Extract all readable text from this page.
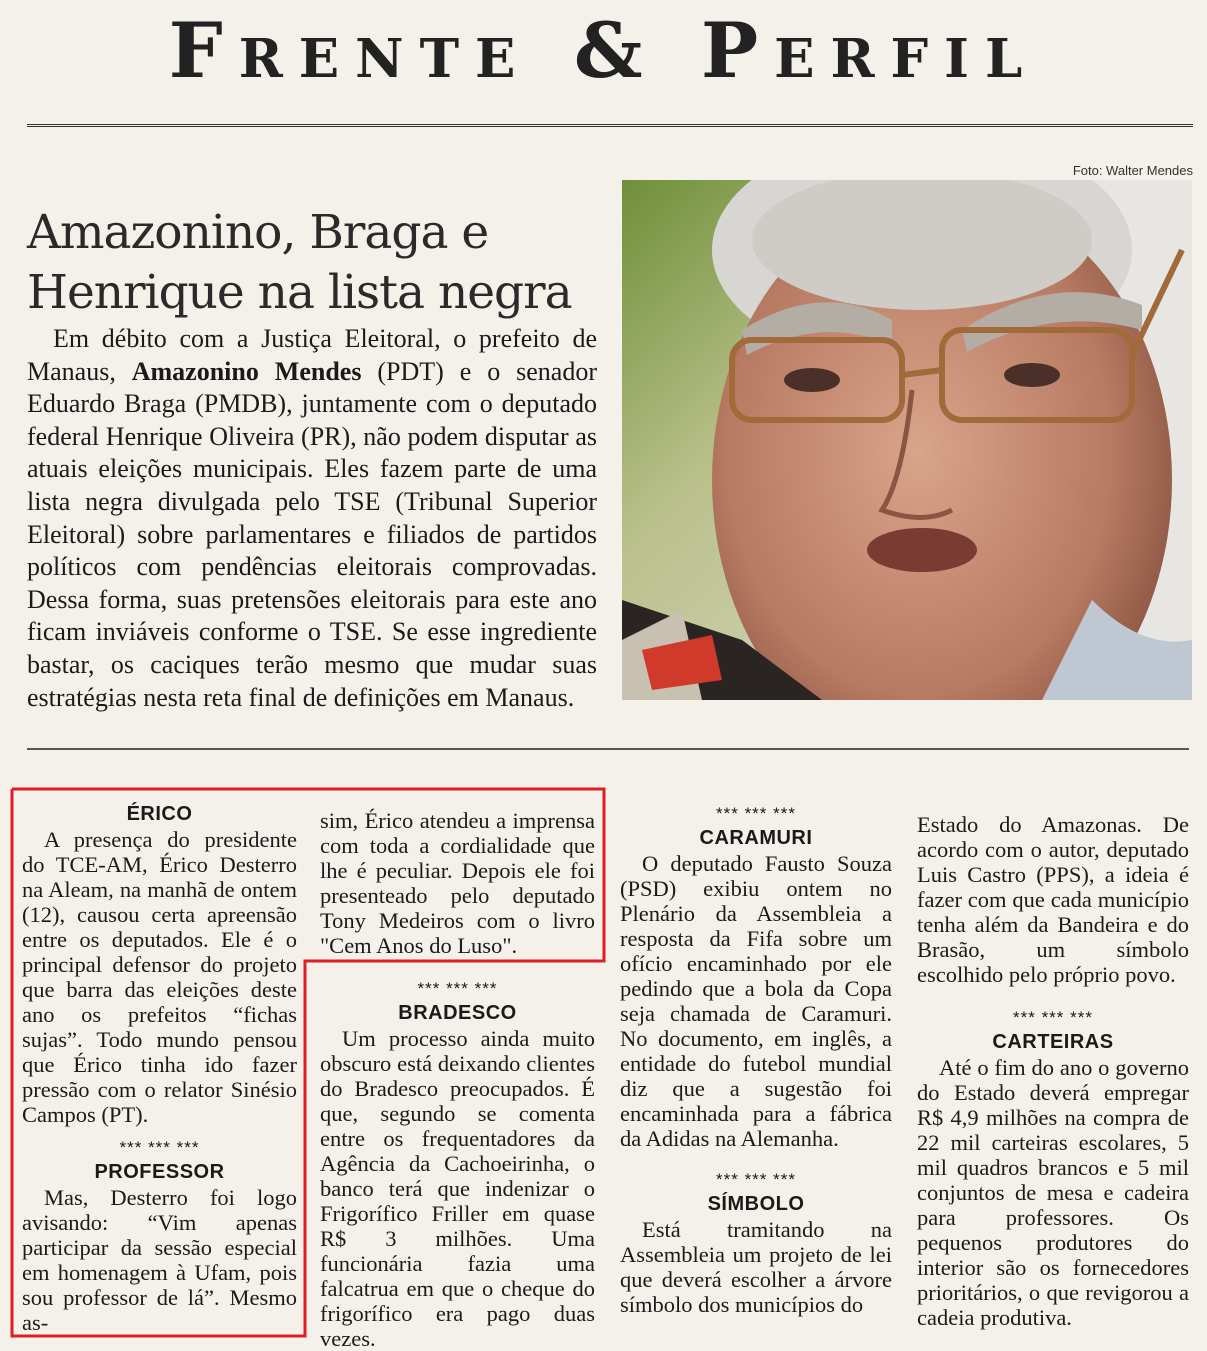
Frente & Perfil
Amazonino, Braga e Henrique na lista negra

Em débito com a Justiça Eleitoral, o prefeito de Manaus, Amazonino Mendes (PDT) e o senador Eduardo Braga (PMDB), juntamente com o deputado federal Henrique Oliveira (PR), não podem disputar as atuais eleições municipais. Eles fazem parte de uma lista negra divulgada pelo TSE (Tribunal Superior Eleitoral) sobre parlamentares e filiados de partidos políticos com pendências eleitorais comprovadas. Dessa forma, suas pretensões eleitorais para este ano ficam inviáveis conforme o TSE. Se esse ingrediente bastar, os caciques terão mesmo que mudar suas estratégias nesta reta final de definições em Manaus.

Foto: Walter Mendes
ÉRICO

A presença do presidente do TCE-AM, Érico Desterro na Aleam, na manhã de ontem (12), causou certa apreensão entre os deputados. Ele é o principal defensor do projeto que barra das eleições deste ano os prefeitos “fichas sujas”. Todo mundo pensou que Érico tinha ido fazer pressão com o relator Sinésio Campos (PT).

*** *** ***
PROFESSOR

Mas, Desterro foi logo avisando: “Vim apenas participar da sessão especial em homenagem à Ufam, pois sou professor de lá”. Mesmo as-

sim, Érico atendeu a imprensa com toda a cordialidade que lhe é peculiar. Depois ele foi presenteado pelo deputado Tony Medeiros com o livro "Cem Anos do Luso".

*** *** ***
BRADESCO

Um processo ainda muito obscuro está deixando clientes do Bradesco preocupados. É que, segundo se comenta entre os frequentadores da Agência da Cachoeirinha, o banco terá que indenizar o Frigorífico Friller em quase R$ 3 milhões. Uma funcionária fazia uma falcatrua em que o cheque do frigorífico era pago duas vezes.

*** *** ***
CARAMURI

O deputado Fausto Souza (PSD) exibiu ontem no Plenário da Assembleia a resposta da Fifa sobre um ofício encaminhado por ele pedindo que a bola da Copa seja chamada de Caramuri. No documento, em inglês, a entidade do futebol mundial diz que a sugestão foi encaminhada para a fábrica da Adidas na Alemanha.

*** *** ***
SÍMBOLO

Está tramitando na Assembleia um projeto de lei que deverá escolher a árvore símbolo dos municípios do

Estado do Amazonas. De acordo com o autor, deputado Luis Castro (PPS), a ideia é fazer com que cada município tenha além da Bandeira e do Brasão, um símbolo escolhido pelo próprio povo.

*** *** ***
CARTEIRAS

Até o fim do ano o governo do Estado deverá empregar R$ 4,9 milhões na compra de 22 mil carteiras escolares, 5 mil quadros brancos e 5 mil conjuntos de mesa e cadeira para professores. Os pequenos produtores do interior são os fornecedores prioritários, o que revigorou a cadeia produtiva.
